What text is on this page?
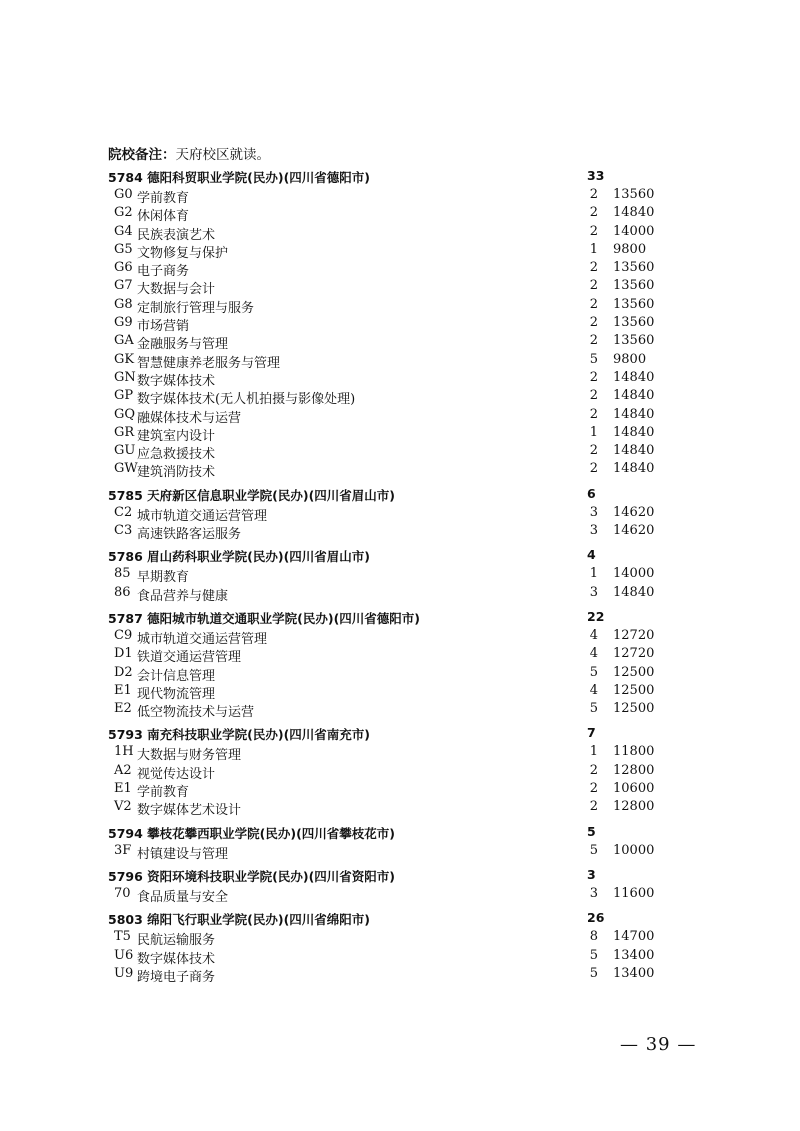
院校备注：天府校区就读。
5784 德阳科贸职业学院(民办)(四川省德阳市)	33
G0 学前教育	2 13560
G2 休闲体育	2 14840
G4 民族表演艺术	2 14000
G5 文物修复与保护	1 9800
G6 电子商务	2 13560
G7 大数据与会计	2 13560
G8 定制旅行管理与服务	2 13560
G9 市场营销	2 13560
GA 金融服务与管理	2 13560
GK 智慧健康养老服务与管理	5 9800
GN 数字媒体技术	2 14840
GP 数字媒体技术(无人机拍摄与影像处理)	2 14840
GQ 融媒体技术与运营	2 14840
GR 建筑室内设计	1 14840
GU 应急救援技术	2 14840
GW 建筑消防技术	2 14840
5785 天府新区信息职业学院(民办)(四川省眉山市)	6
C2 城市轨道交通运营管理	3 14620
C3 高速铁路客运服务	3 14620
5786 眉山药科职业学院(民办)(四川省眉山市)	4
85 早期教育	1 14000
86 食品营养与健康	3 14840
5787 德阳城市轨道交通职业学院(民办)(四川省德阳市)	22
C9 城市轨道交通运营管理	4 12720
D1 铁道交通运营管理	4 12720
D2 会计信息管理	5 12500
E1 现代物流管理	4 12500
E2 低空物流技术与运营	5 12500
5793 南充科技职业学院(民办)(四川省南充市)	7
1H 大数据与财务管理	1 11800
A2 视觉传达设计	2 12800
E1 学前教育	2 10600
V2 数字媒体艺术设计	2 12800
5794 攀枝花攀西职业学院(民办)(四川省攀枝花市)	5
3F 村镇建设与管理	5 10000
5796 资阳环境科技职业学院(民办)(四川省资阳市)	3
70 食品质量与安全	3 11600
5803 绵阳飞行职业学院(民办)(四川省绵阳市)	26
T5 民航运输服务	8 14700
U6 数字媒体技术	5 13400
U9 跨境电子商务	5 13400
— 39 —
